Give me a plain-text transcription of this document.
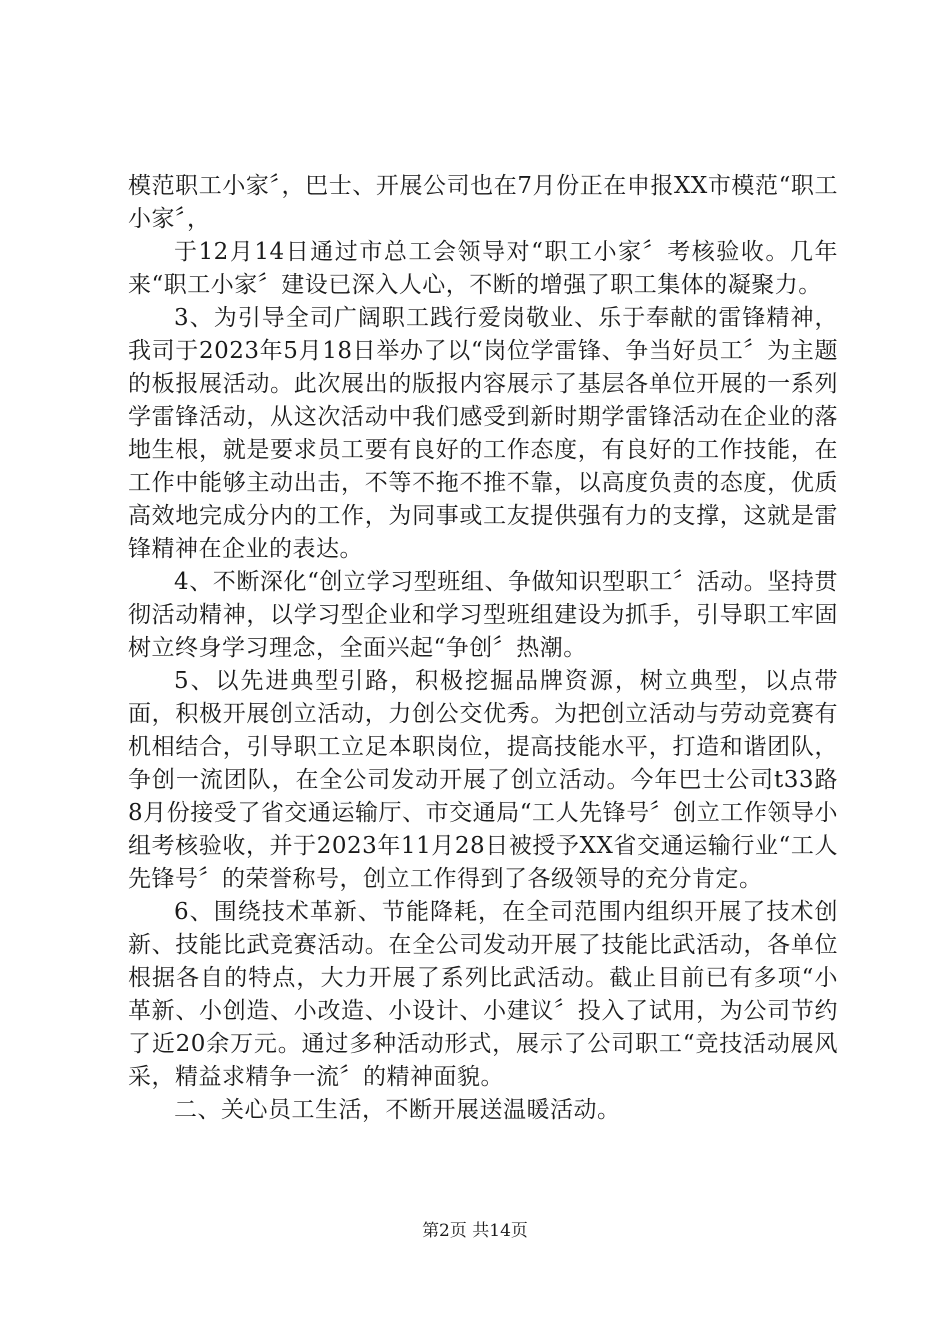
模范职工小家〞，巴士、开展公司也在7月份正在申报XX市模范“职工小家〞，

于12月14日通过市总工会领导对“职工小家〞考核验收。几年来“职工小家〞建设已深入人心，不断的增强了职工集体的凝聚力。

3、为引导全司广阔职工践行爱岗敬业、乐于奉献的雷锋精神，我司于2023年5月18日举办了以“岗位学雷锋、争当好员工〞为主题的板报展活动。此次展出的版报内容展示了基层各单位开展的一系列学雷锋活动，从这次活动中我们感受到新时期学雷锋活动在企业的落地生根，就是要求员工要有良好的工作态度，有良好的工作技能，在工作中能够主动出击，不等不拖不推不靠，以高度负责的态度，优质高效地完成分内的工作，为同事或工友提供强有力的支撑，这就是雷锋精神在企业的表达。

4、不断深化“创立学习型班组、争做知识型职工〞活动。坚持贯彻活动精神，以学习型企业和学习型班组建设为抓手，引导职工牢固树立终身学习理念，全面兴起“争创〞热潮。

5、以先进典型引路，积极挖掘品牌资源，树立典型，以点带面，积极开展创立活动，力创公交优秀。为把创立活动与劳动竞赛有机相结合，引导职工立足本职岗位，提高技能水平，打造和谐团队，争创一流团队，在全公司发动开展了创立活动。今年巴士公司t33路8月份接受了省交通运输厅、市交通局“工人先锋号〞创立工作领导小组考核验收，并于2023年11月28日被授予XX省交通运输行业“工人先锋号〞的荣誉称号，创立工作得到了各级领导的充分肯定。

6、围绕技术革新、节能降耗，在全司范围内组织开展了技术创新、技能比武竞赛活动。在全公司发动开展了技能比武活动，各单位根据各自的特点，大力开展了系列比武活动。截止目前已有多项“小革新、小创造、小改造、小设计、小建议〞投入了试用，为公司节约了近20余万元。通过多种活动形式，展示了公司职工“竞技活动展风采，精益求精争一流〞的精神面貌。

二、关心员工生活，不断开展送温暖活动。

第2页 共14页
